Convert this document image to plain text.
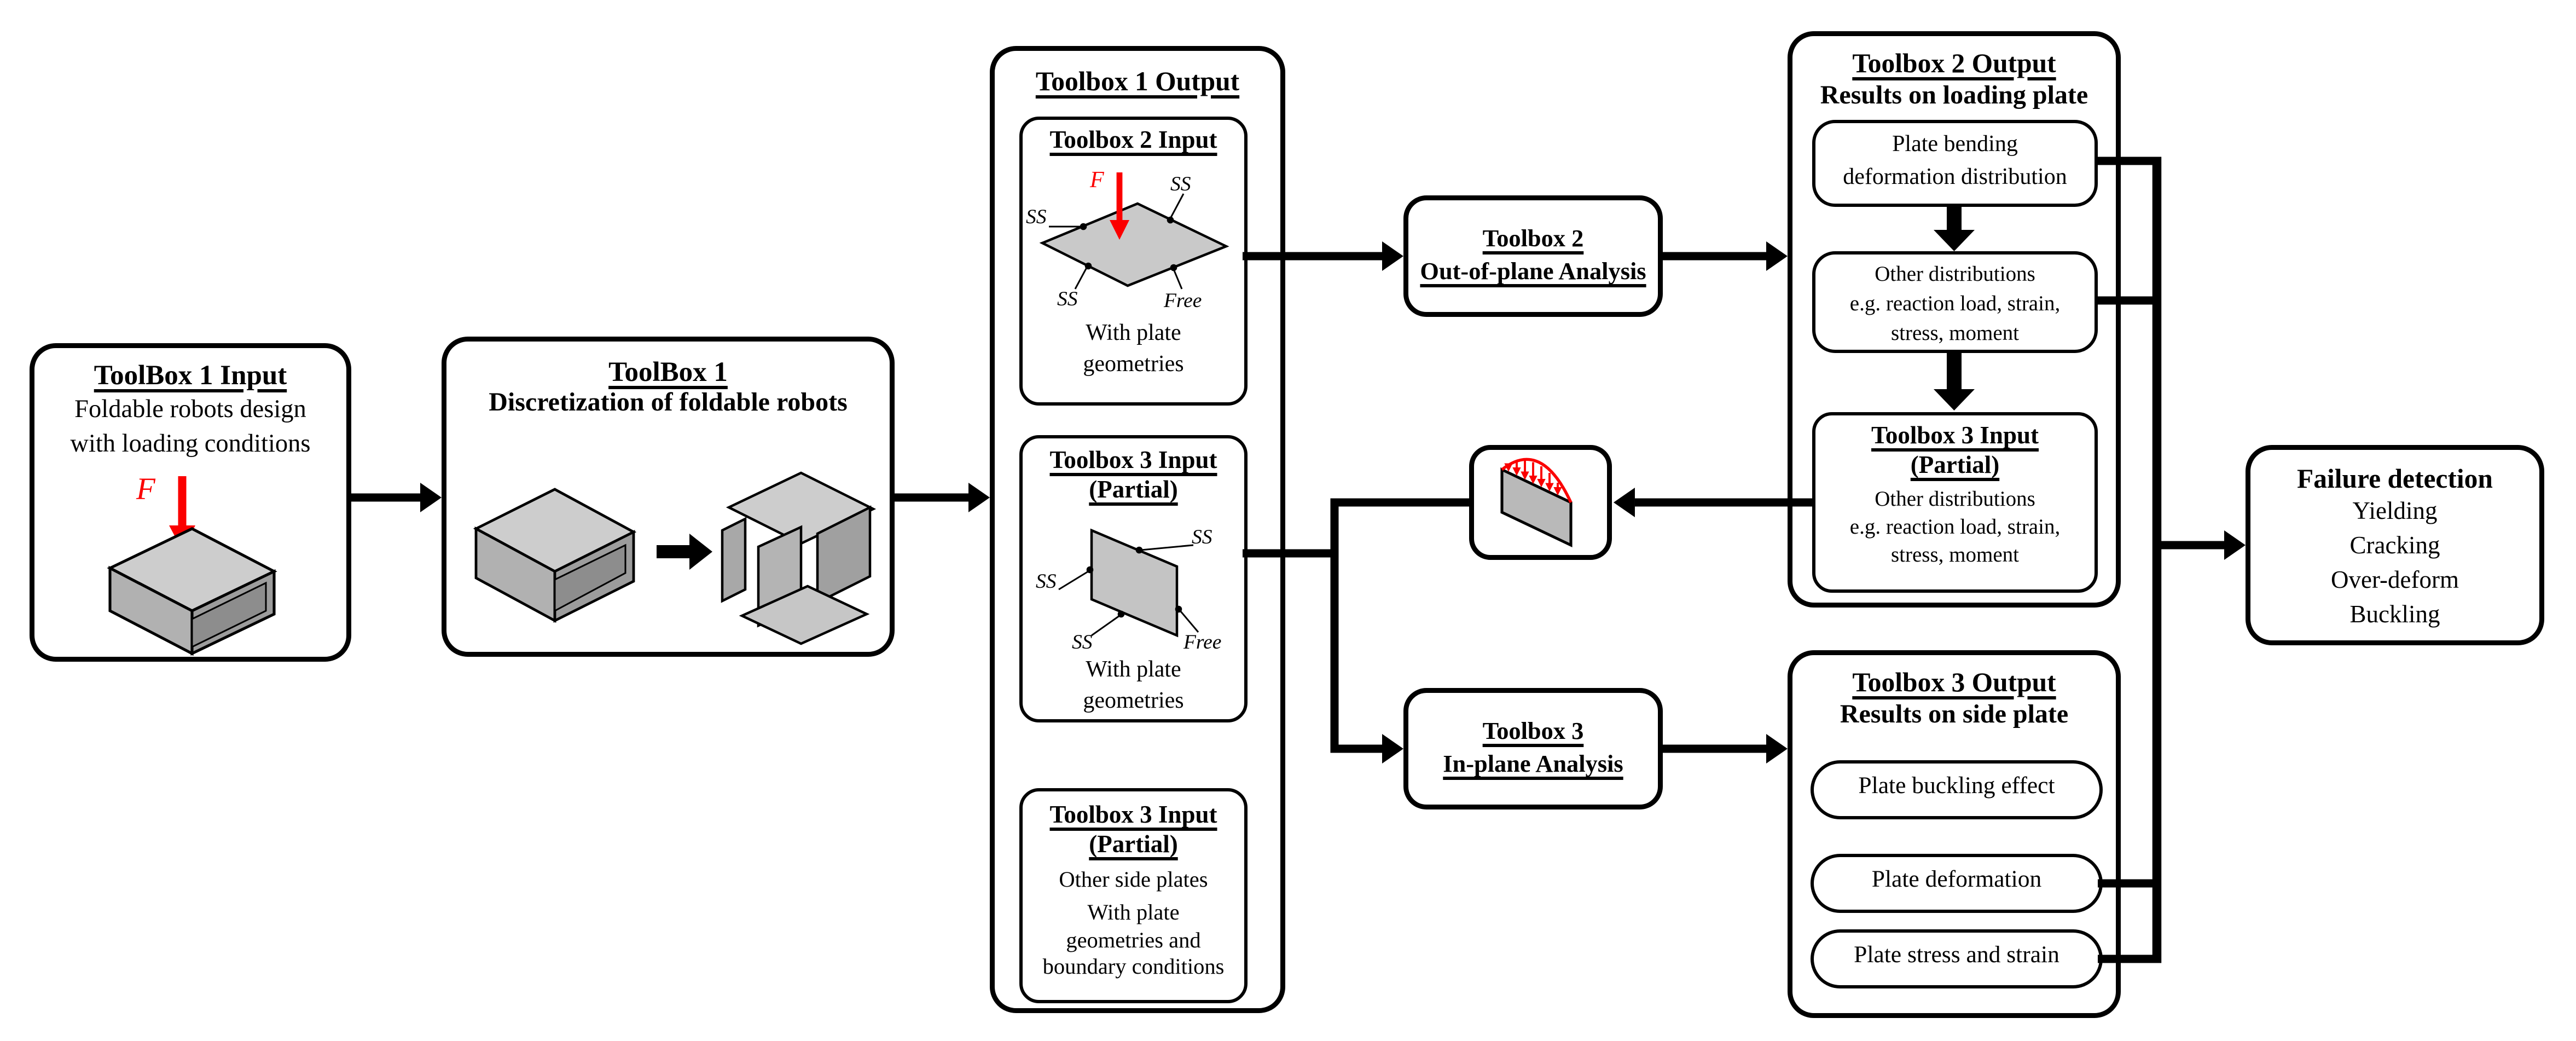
ToolBox 1 Input
Foldable robots design
with loading conditions
F
ToolBox 1
Discretization of foldable robots
Toolbox 1 Output
Toolbox 2 Input
F	SS
SS
SS	Free
With plate
geometries
Toolbox 3 Input
(Partial)
SS
SS
SS	Free
With plate
geometries
Toolbox 3 Input
(Partial)
Other side plates
With plate
geometries and
boundary conditions
Toolbox 2
Out-of-plane Analysis
Toolbox 3
In-plane Analysis
Toolbox 2 Output
Results on loading plate
Plate bending
deformation distribution
Other distributions
e.g. reaction load, strain,
stress, moment
Toolbox 3 Input
(Partial)
Other distributions
e.g. reaction load, strain,
stress, moment
Toolbox 3 Output
Results on side plate
Plate buckling effect
Plate deformation
Plate stress and strain
Failure detection
Yielding
Cracking
Over-deform
Buckling
